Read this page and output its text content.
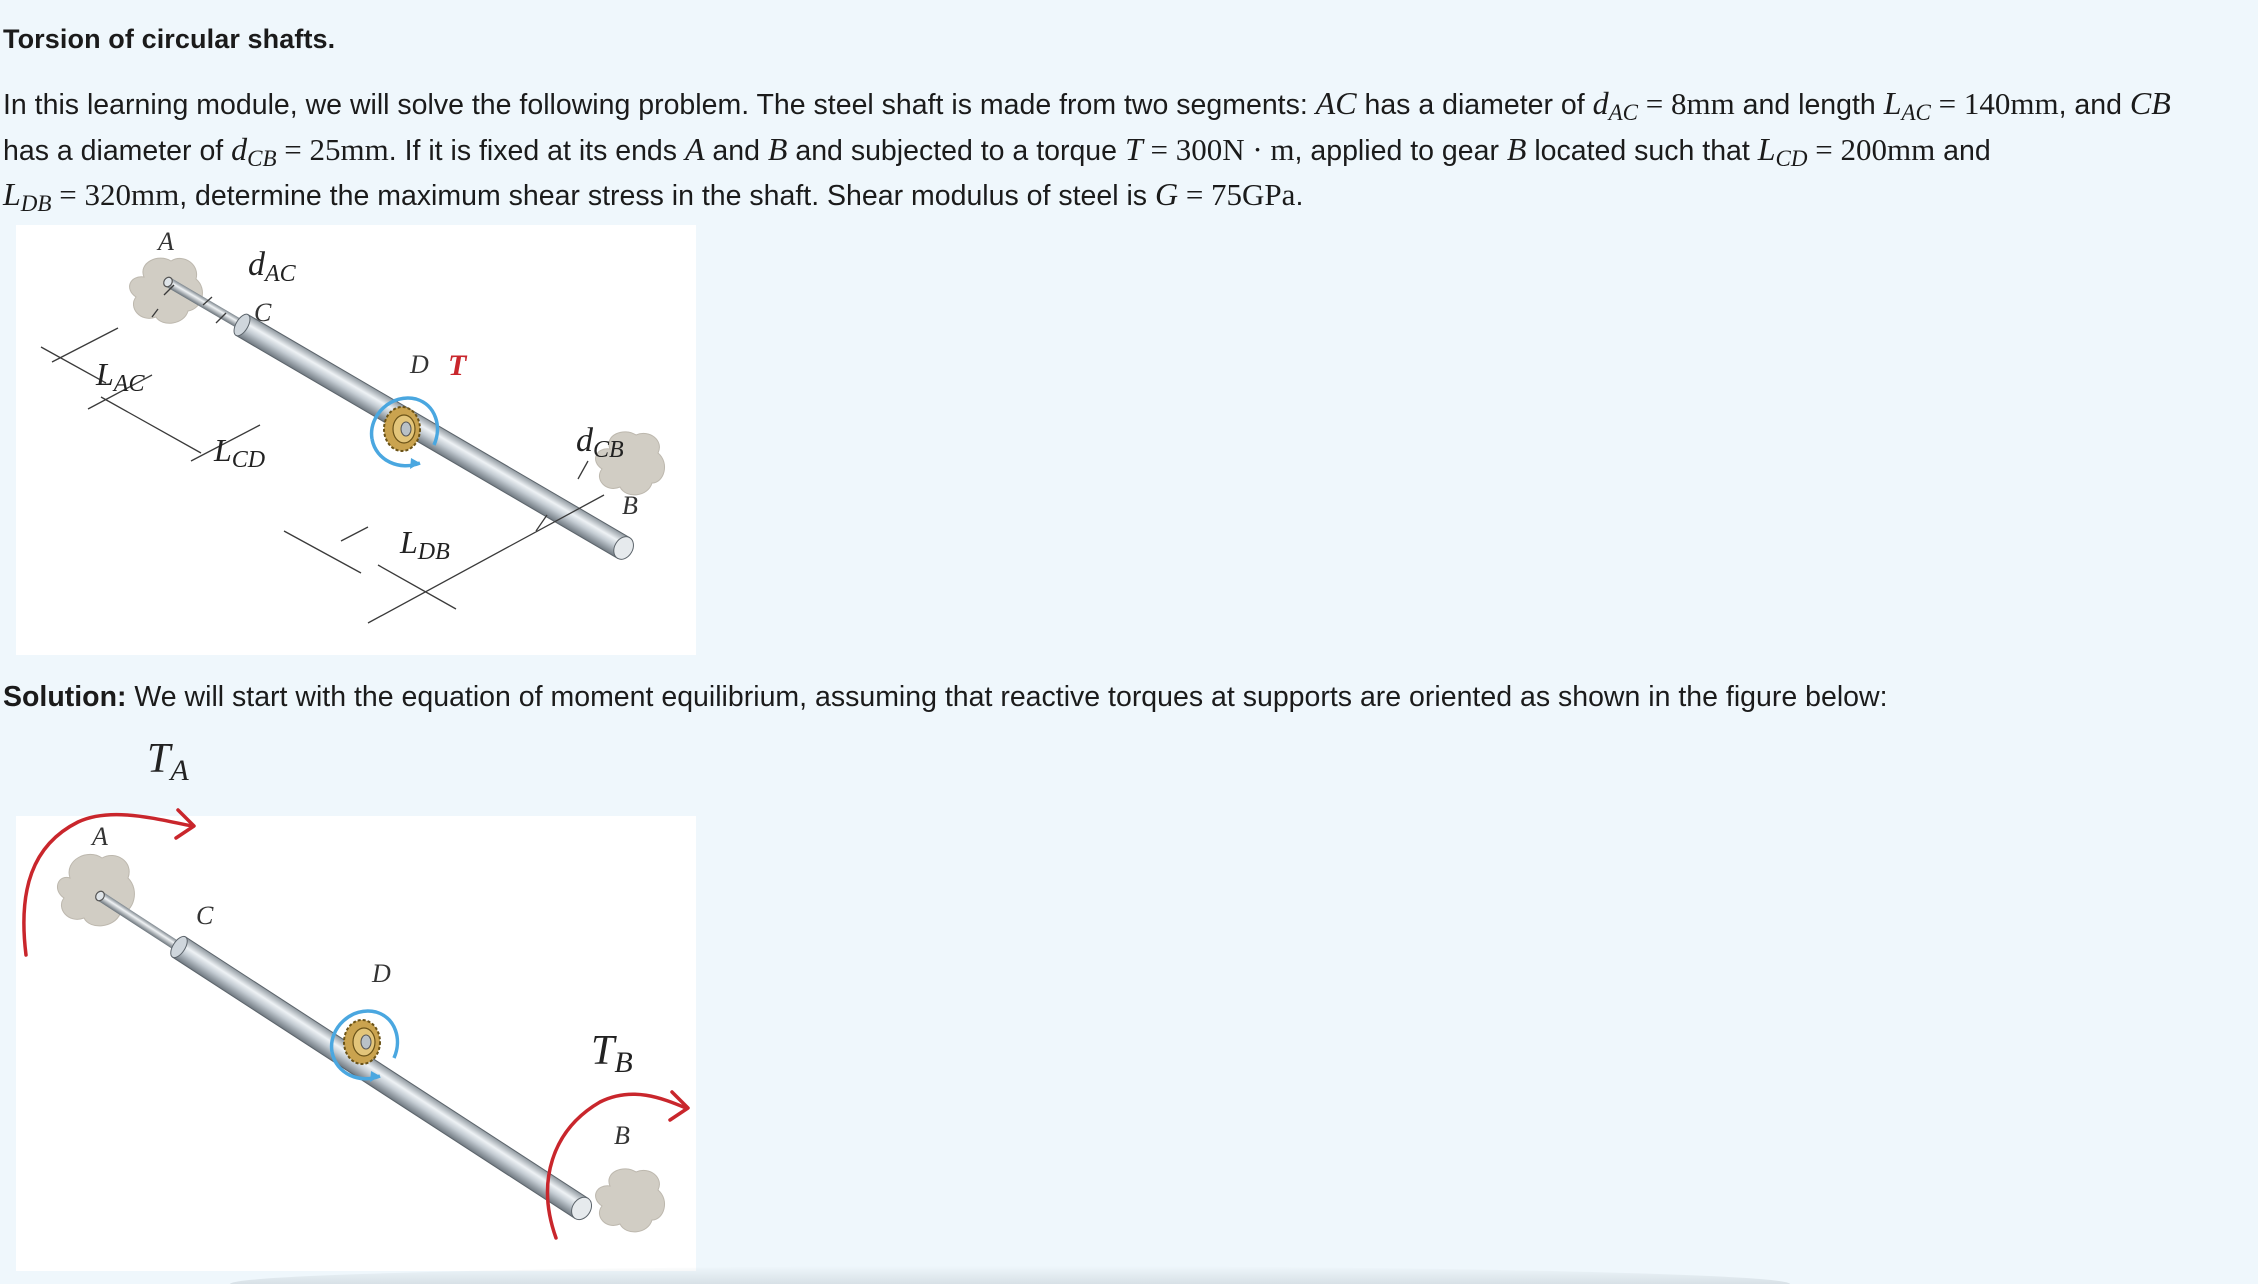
Torsion of circular shafts.
In this learning module, we will solve the following problem. The steel shaft is made from two segments: AC has a diameter of $d_{AC} = 8mm$ and length $L_{AC} = 140mm$, and CB
has a diameter of $d_{CB} = 25mm$. If it is fixed at its ends A and B and subjected to a torque T = 300N · m, applied to gear B located such that $L_{CD} = 200mm$ and
$L_{DB} = 320mm$, determine the maximum shear stress in the shaft. Shear modulus of steel is G = 75GPa.
A
dAC
C
LAC
D T
dCB
LCD
B
LDB
Solution: We will start with the equation of moment equilibrium, assuming that reactive torques at supports are oriented as shown in the figure below:
A
C
D
B
TA
TB
